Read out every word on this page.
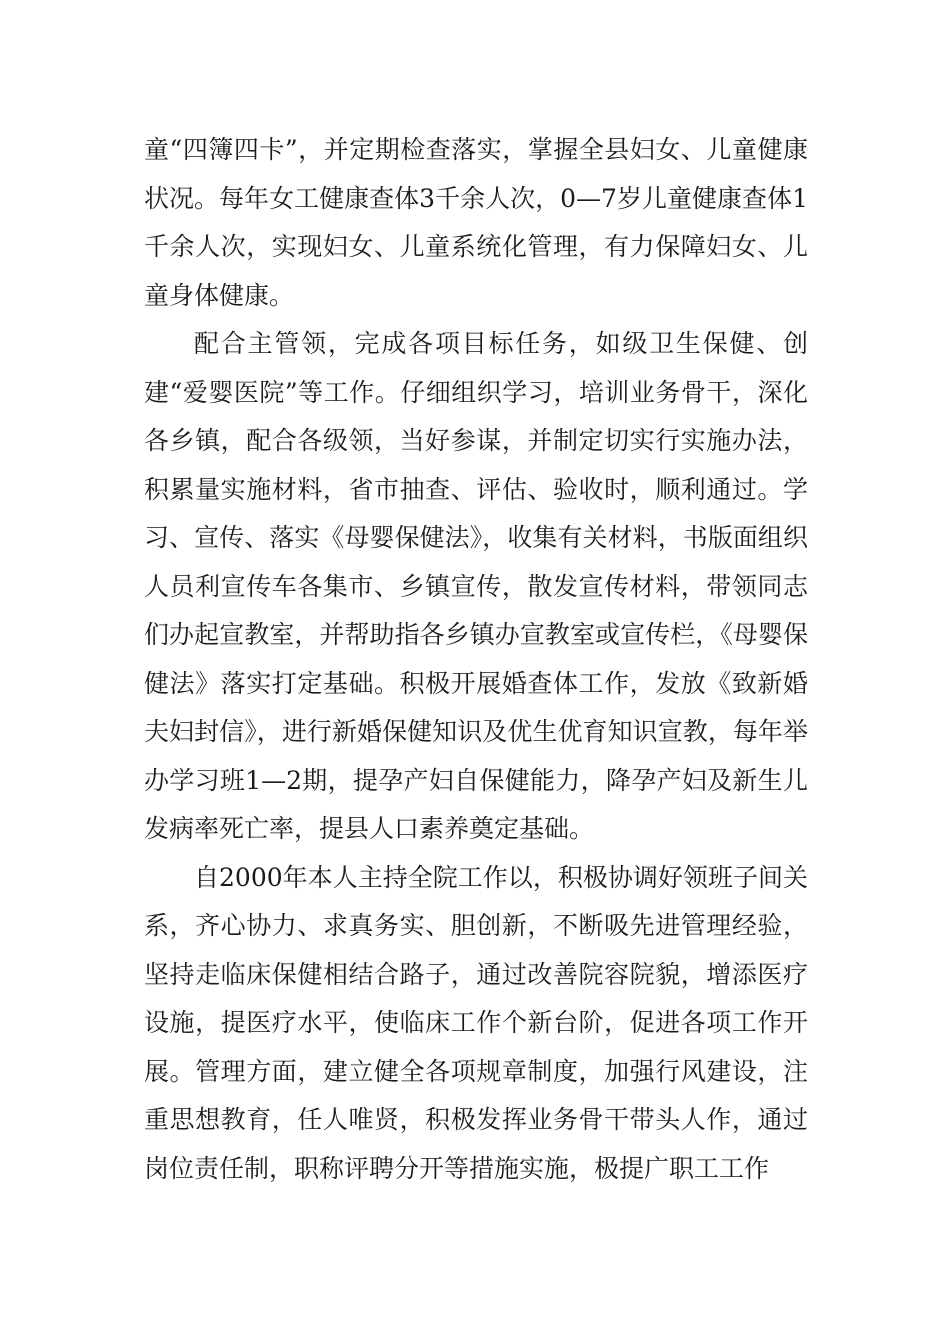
童“四簿四卡”，并定期检查落实，掌握全县妇女、儿童健康状况。每年女工健康查体3千余人次，0—7岁儿童健康查体1千余人次，实现妇女、儿童系统化管理，有力保障妇女、儿童身体健康。

配合主管领，完成各项目标任务，如级卫生保健、创建“爱婴医院”等工作。仔细组织学习，培训业务骨干，深化各乡镇，配合各级领，当好参谋，并制定切实行实施办法，积累量实施材料，省市抽查、评估、验收时，顺利通过。学习、宣传、落实《母婴保健法》，收集有关材料，书版面组织人员利宣传车各集市、乡镇宣传，散发宣传材料，带领同志们办起宣教室，并帮助指各乡镇办宣教室或宣传栏，《母婴保健法》落实打定基础。积极开展婚查体工作，发放《致新婚夫妇封信》，进行新婚保健知识及优生优育知识宣教，每年举办学习班1—2期，提孕产妇自保健能力，降孕产妇及新生儿发病率死亡率，提县人口素养奠定基础。

自2000年本人主持全院工作以，积极协调好领班子间关系，齐心协力、求真务实、胆创新，不断吸先进管理经验，坚持走临床保健相结合路子，通过改善院容院貌，增添医疗设施，提医疗水平，使临床工作个新台阶，促进各项工作开展。管理方面，建立健全各项规章制度，加强行风建设，注重思想教育，任人唯贤，积极发挥业务骨干带头人作，通过岗位责任制，职称评聘分开等措施实施，极提广职工工作
